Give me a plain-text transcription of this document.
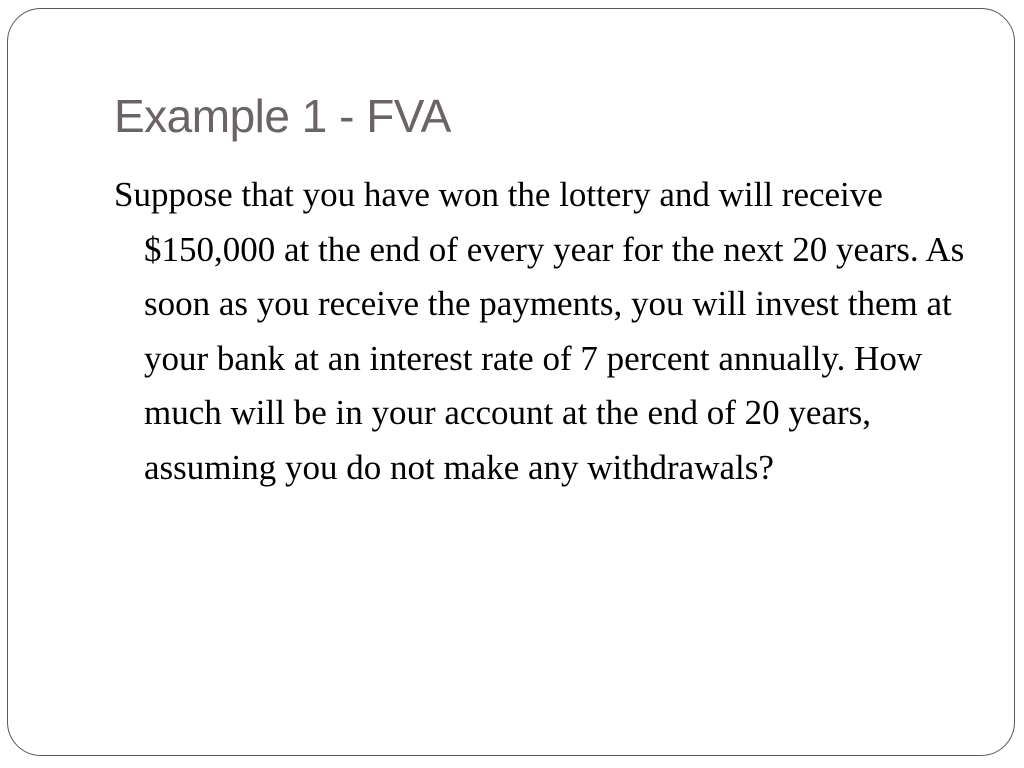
Example 1 - FVA

Suppose that you have won the lottery and will receive $150,000 at the end of every year for the next 20 years. As soon as you receive the payments, you will invest them at your bank at an interest rate of 7 percent annually. How much will be in your account at the end of 20 years, assuming you do not make any withdrawals?
